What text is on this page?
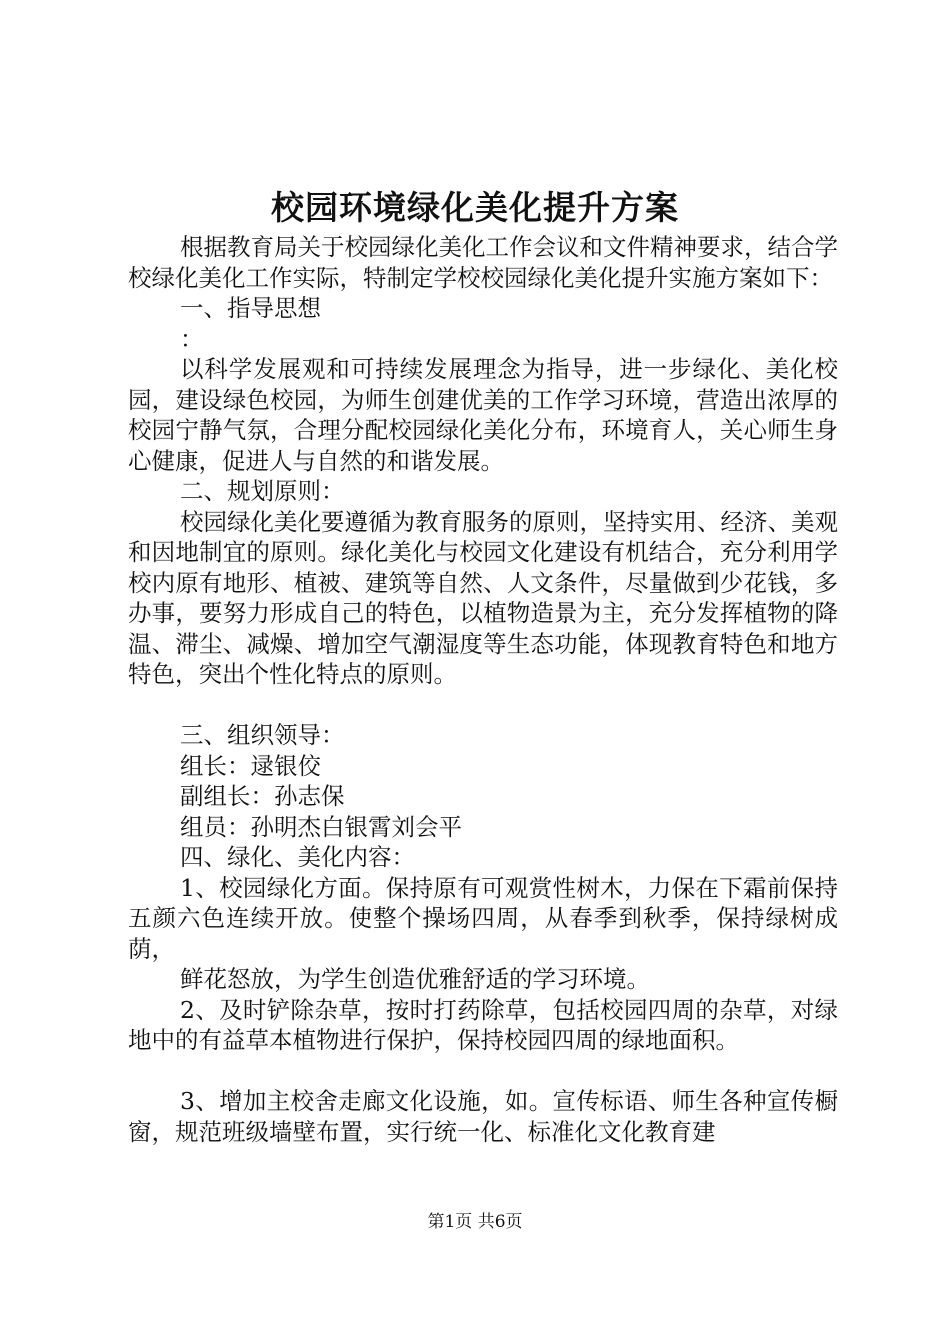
校园环境绿化美化提升方案

根据教育局关于校园绿化美化工作会议和文件精神要求，结合学校绿化美化工作实际，特制定学校校园绿化美化提升实施方案如下：

一、指导思想

：

以科学发展观和可持续发展理念为指导，进一步绿化、美化校园，建设绿色校园，为师生创建优美的工作学习环境，营造出浓厚的校园宁静气氛，合理分配校园绿化美化分布，环境育人，关心师生身心健康，促进人与自然的和谐发展。

二、规划原则：

校园绿化美化要遵循为教育服务的原则，坚持实用、经济、美观和因地制宜的原则。绿化美化与校园文化建设有机结合，充分利用学校内原有地形、植被、建筑等自然、人文条件，尽量做到少花钱，多办事，要努力形成自己的特色，以植物造景为主，充分发挥植物的降温、滞尘、减燥、增加空气潮湿度等生态功能，体现教育特色和地方特色，突出个性化特点的原则。

三、组织领导：

组长：逯银佼

副组长：孙志保

组员：孙明杰白银霄刘会平

四、绿化、美化内容：

1、校园绿化方面。保持原有可观赏性树木，力保在下霜前保持五颜六色连续开放。使整个操场四周，从春季到秋季，保持绿树成荫，

鲜花怒放，为学生创造优雅舒适的学习环境。

2、及时铲除杂草，按时打药除草，包括校园四周的杂草，对绿地中的有益草本植物进行保护，保持校园四周的绿地面积。

3、增加主校舍走廊文化设施，如。宣传标语、师生各种宣传橱窗，规范班级墙壁布置，实行统一化、标准化文化教育建

第1页 共6页
